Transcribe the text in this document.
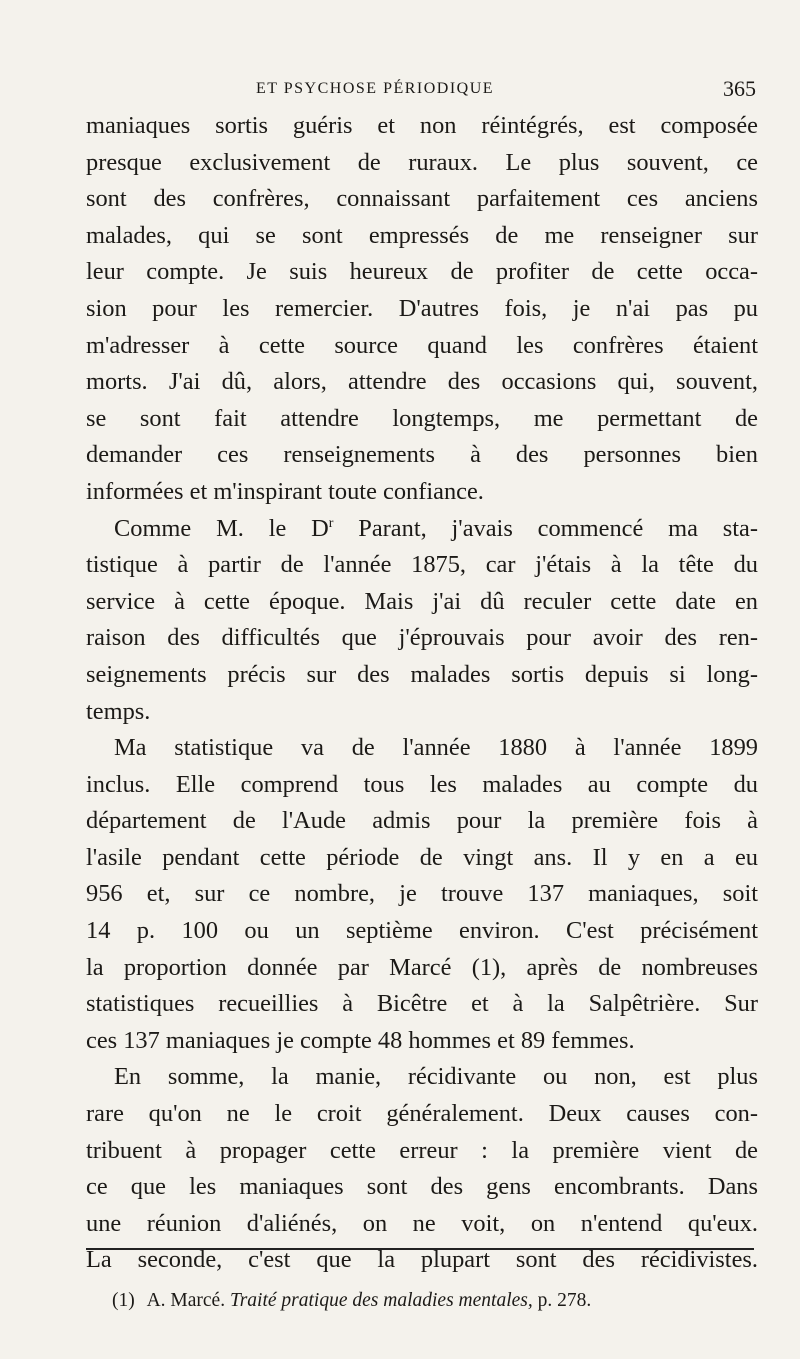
ET PSYCHOSE PÉRIODIQUE	365
maniaques sortis guéris et non réintégrés, est composée
presque exclusivement de ruraux. Le plus souvent, ce
sont des confrères, connaissant parfaitement ces anciens
malades, qui se sont empressés de me renseigner sur
leur compte. Je suis heureux de profiter de cette occa-
sion pour les remercier. D'autres fois, je n'ai pas pu
m'adresser à cette source quand les confrères étaient
morts. J'ai dû, alors, attendre des occasions qui, souvent,
se sont fait attendre longtemps, me permettant de
demander ces renseignements à des personnes bien
informées et m'inspirant toute confiance.
Comme M. le $D^r$ Parant, j'avais commencé ma sta-
tistique à partir de l'année 1875, car j'étais à la tête du
service à cette époque. Mais j'ai dû reculer cette date en
raison des difficultés que j'éprouvais pour avoir des ren-
seignements précis sur des malades sortis depuis si long-
temps.
Ma statistique va de l'année 1880 à l'année 1899
inclus. Elle comprend tous les malades au compte du
département de l'Aude admis pour la première fois à
l'asile pendant cette période de vingt ans. Il y en a eu
956 et, sur ce nombre, je trouve 137 maniaques, soit
14 p. 100 ou un septième environ. C'est précisément
la proportion donnée par Marcé (1), après de nombreuses
statistiques recueillies à Bicêtre et à la Salpêtrière. Sur
ces 137 maniaques je compte 48 hommes et 89 femmes.
En somme, la manie, récidivante ou non, est plus
rare qu'on ne le croit généralement. Deux causes con-
tribuent à propager cette erreur : la première vient de
ce que les maniaques sont des gens encombrants. Dans
une réunion d'aliénés, on ne voit, on n'entend qu'eux.
La seconde, c'est que la plupart sont des récidivistes.
(1) A. Marcé. Traité pratique des maladies mentales, p. 278.
